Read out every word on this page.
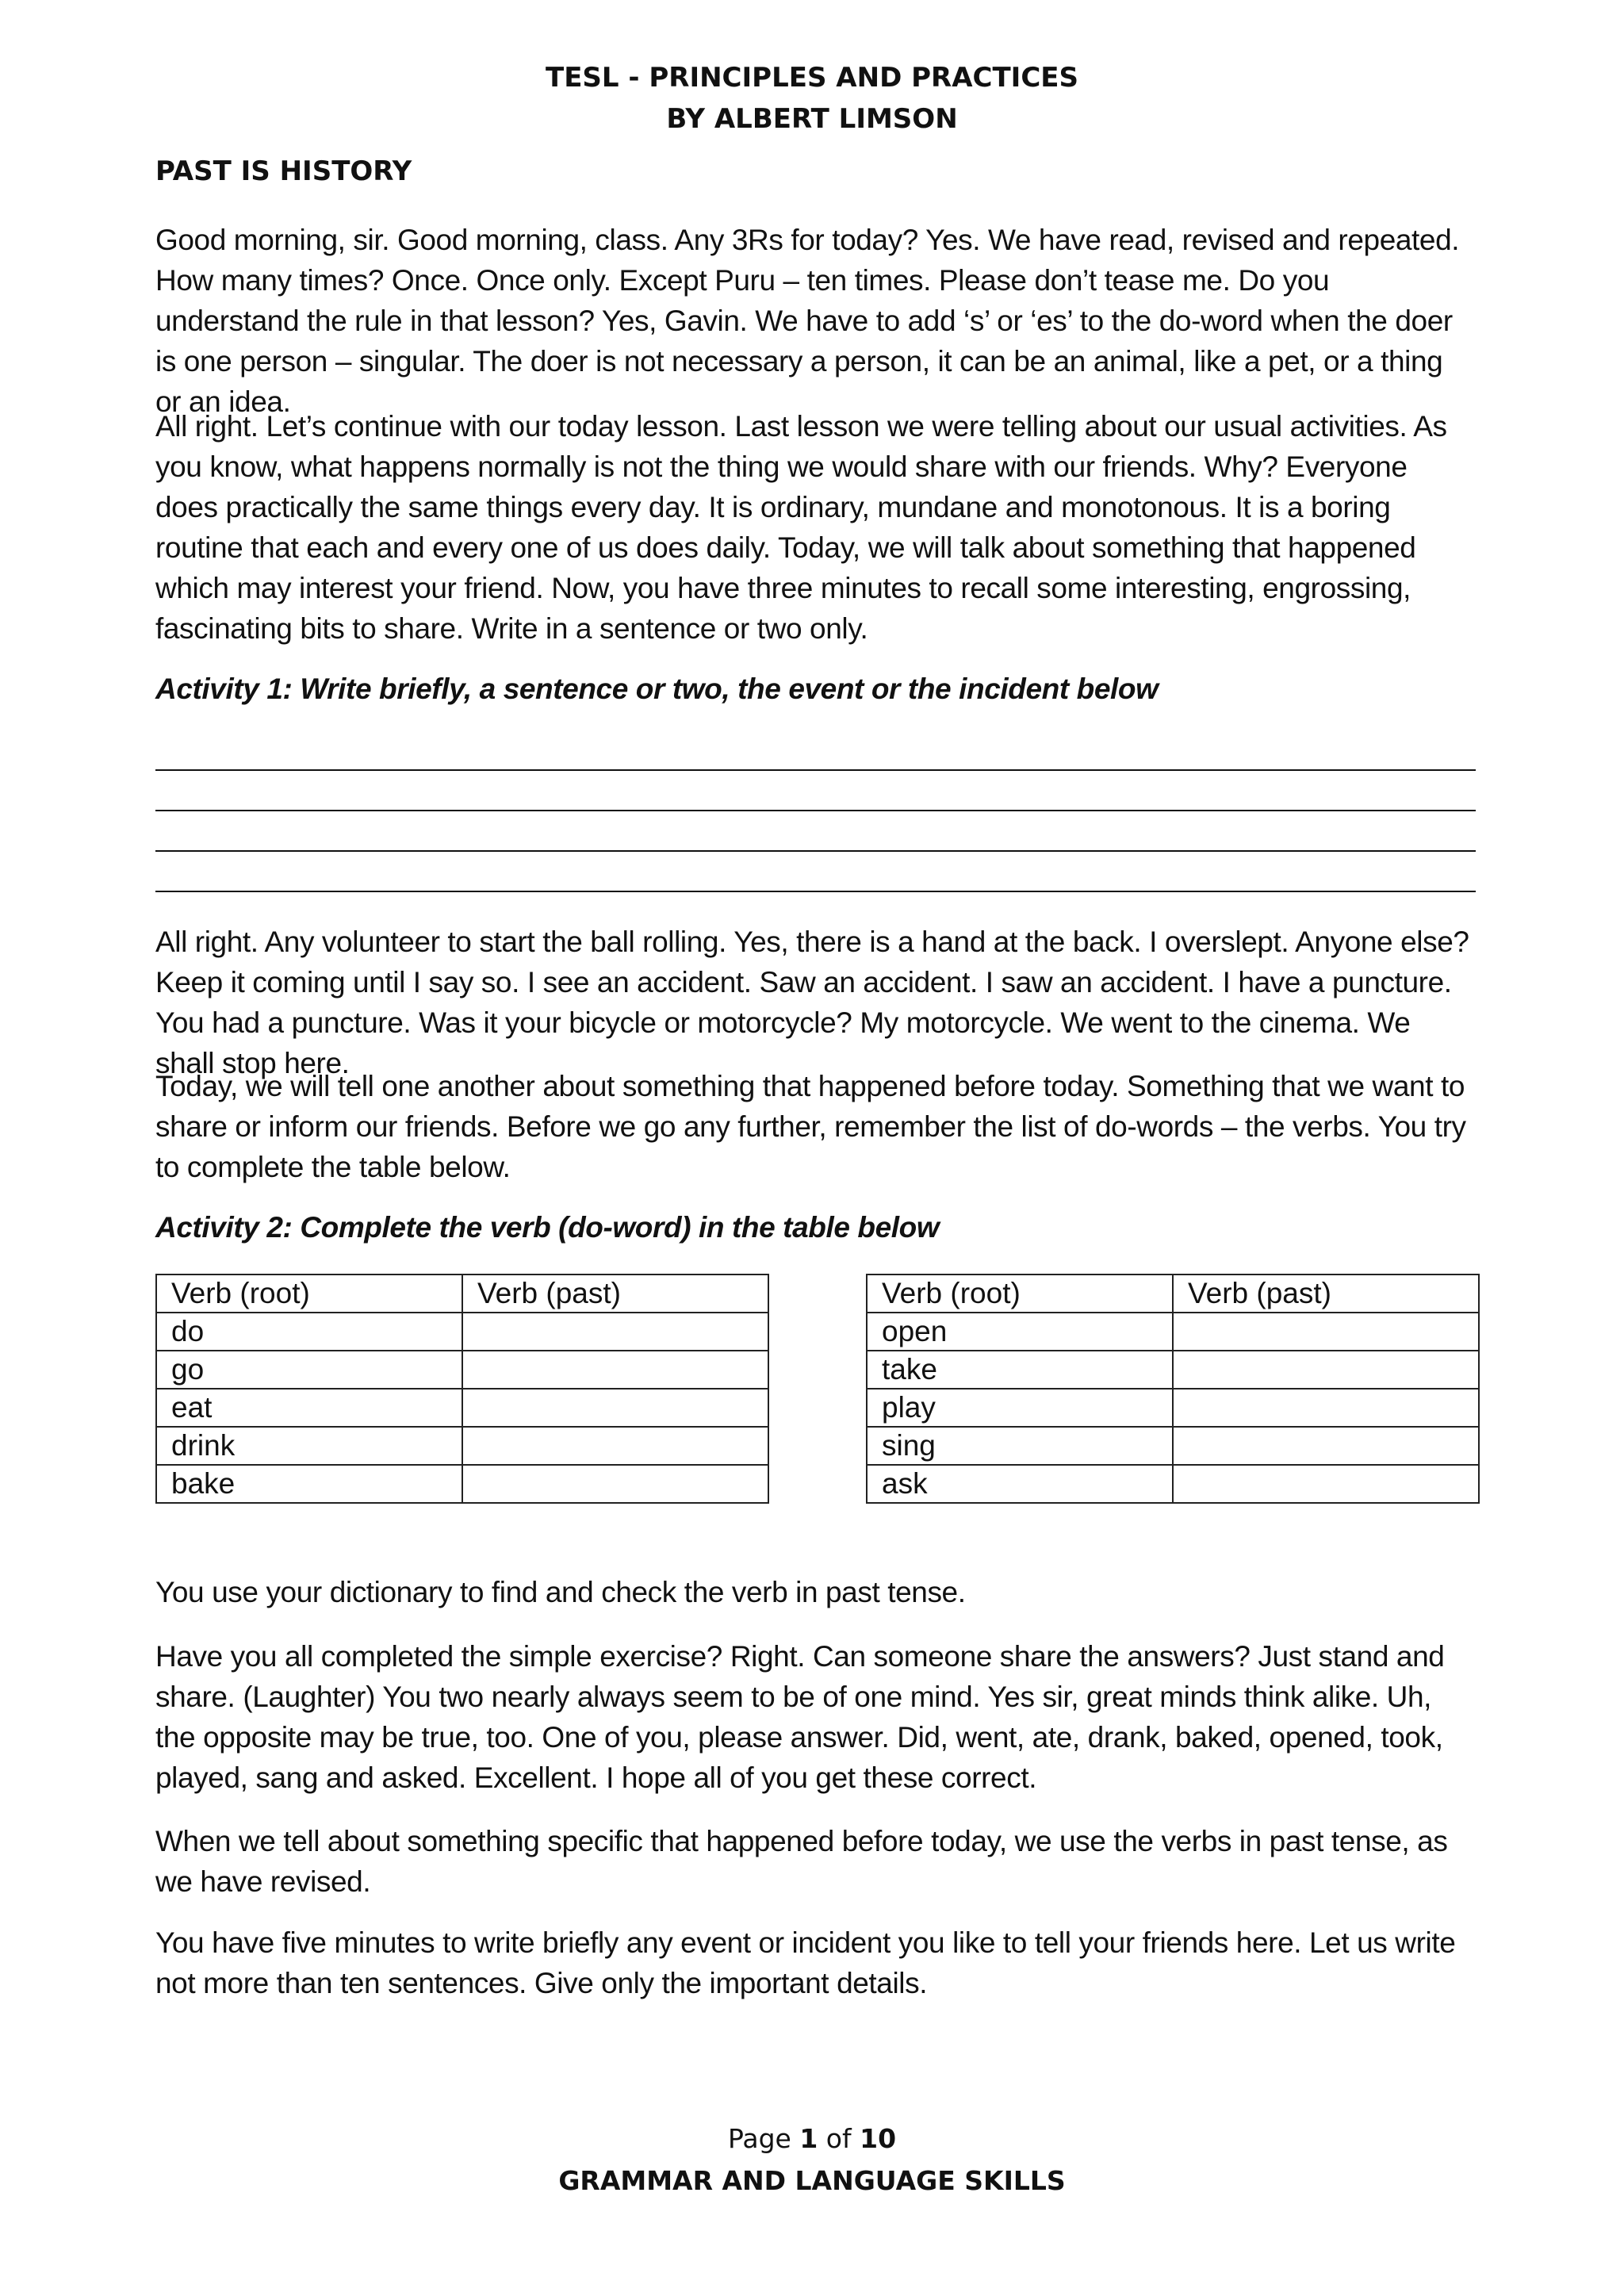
TESL - PRINCIPLES AND PRACTICES
BY ALBERT LIMSON
PAST IS HISTORY

Good morning, sir. Good morning, class. Any 3Rs for today? Yes. We have read, revised and repeated. How many times? Once. Once only. Except Puru – ten times. Please don’t tease me. Do you understand the rule in that lesson? Yes, Gavin. We have to add ‘s’ or ‘es’ to the do-word when the doer is one person – singular. The doer is not necessary a person, it can be an animal, like a pet, or a thing or an idea.

All right. Let’s continue with our today lesson. Last lesson we were telling about our usual activities. As you know, what happens normally is not the thing we would share with our friends. Why? Everyone does practically the same things every day. It is ordinary, mundane and monotonous. It is a boring routine that each and every one of us does daily. Today, we will talk about something that happened which may interest your friend. Now, you have three minutes to recall some interesting, engrossing, fascinating bits to share. Write in a sentence or two only.

Activity 1: Write briefly, a sentence or two, the event or the incident below

All right. Any volunteer to start the ball rolling. Yes, there is a hand at the back. I overslept. Anyone else? Keep it coming until I say so. I see an accident. Saw an accident. I saw an accident. I have a puncture. You had a puncture. Was it your bicycle or motorcycle? My motorcycle. We went to the cinema. We shall stop here.

Today, we will tell one another about something that happened before today. Something that we want to share or inform our friends. Before we go any further, remember the list of do-words – the verbs. You try to complete the table below.

Activity 2: Complete the verb (do-word) in the table below
Verb (root)	Verb (past)
do	
go	
eat	
drink	
bake	
Verb (root)	Verb (past)
open	
take	
play	
sing	
ask	

You use your dictionary to find and check the verb in past tense.

Have you all completed the simple exercise? Right. Can someone share the answers? Just stand and share. (Laughter) You two nearly always seem to be of one mind. Yes sir, great minds think alike. Uh, the opposite may be true, too. One of you, please answer. Did, went, ate, drank, baked, opened, took, played, sang and asked. Excellent. I hope all of you get these correct.

When we tell about something specific that happened before today, we use the verbs in past tense, as we have revised.

You have five minutes to write briefly any event or incident you like to tell your friends here. Let us write not more than ten sentences. Give only the important details.

Page 1 of 10
GRAMMAR AND LANGUAGE SKILLS
